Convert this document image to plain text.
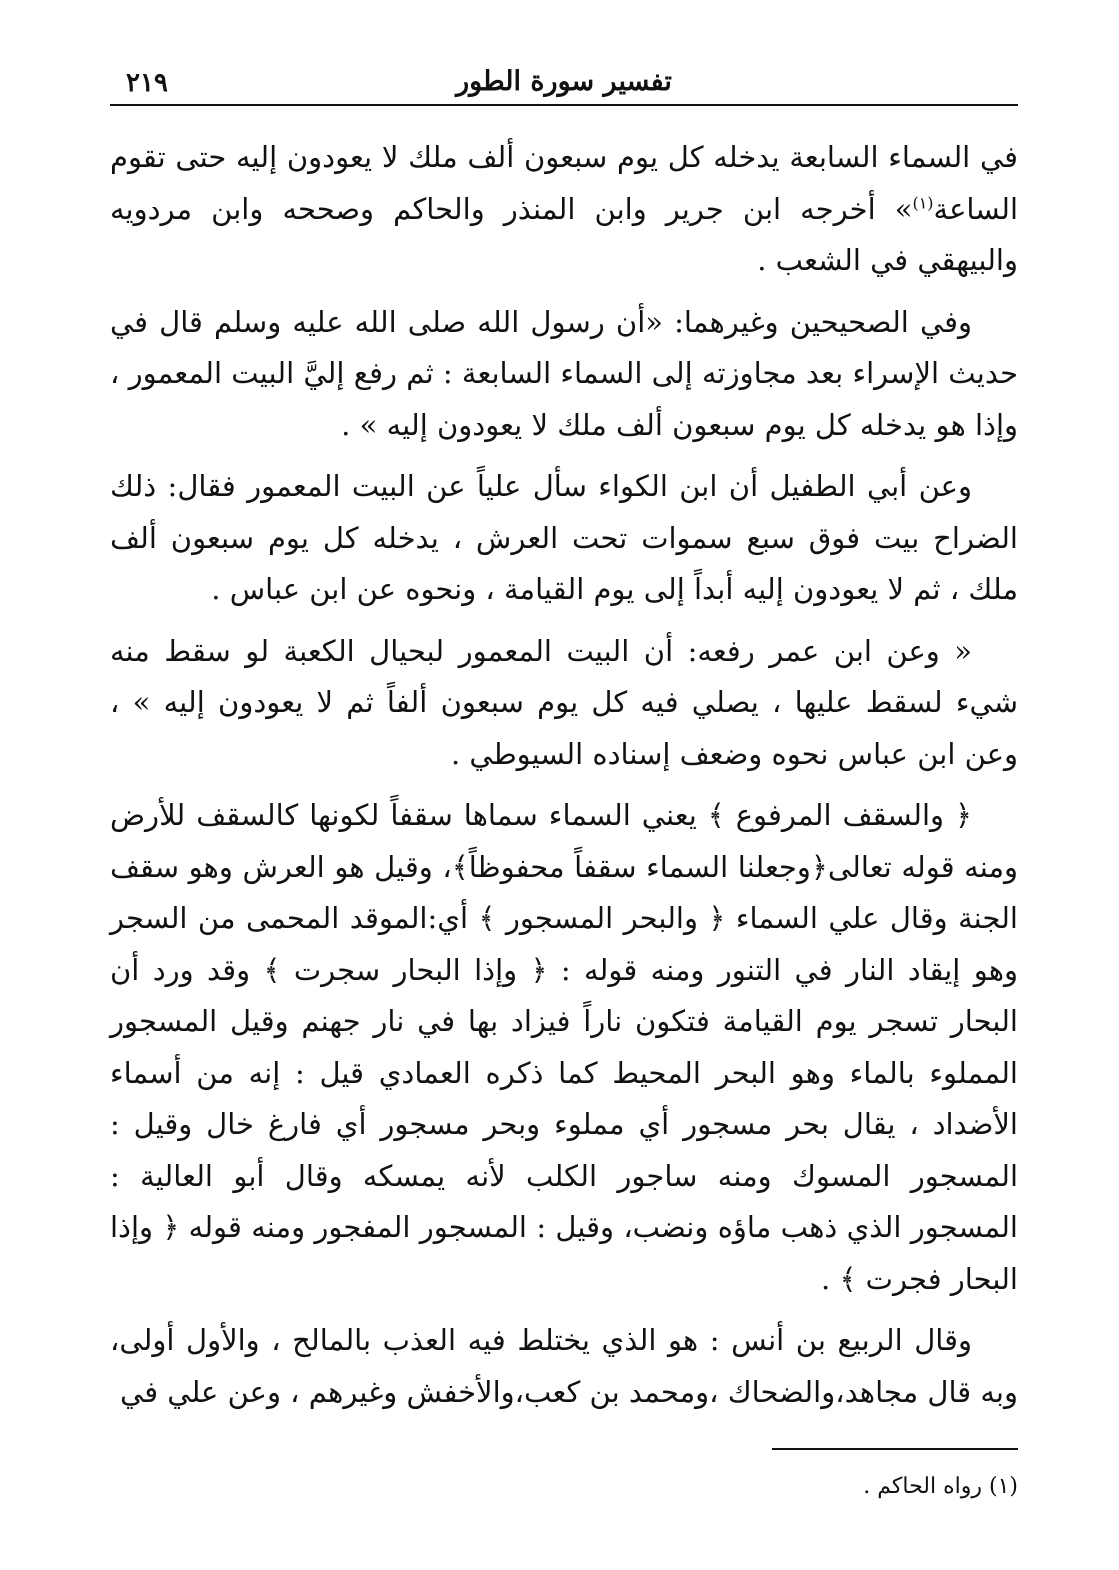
تفسير سورة الطور
٢١٩

في السماء السابعة يدخله كل يوم سبعون ألف ملك لا يعودون إليه حتى تقوم الساعة$^{(١)}$» أخرجه ابن جرير وابن المنذر والحاكم وصححه وابن مردويه والبيهقي في الشعب .

وفي الصحيحين وغيرهما: «أن رسول الله صلى الله عليه وسلم قال في حديث الإسراء بعد مجاوزته إلى السماء السابعة : ثم رفع إليَّ البيت المعمور ، وإذا هو يدخله كل يوم سبعون ألف ملك لا يعودون إليه » .

وعن أبي الطفيل أن ابن الكواء سأل علياً عن البيت المعمور فقال: ذلك الضراح بيت فوق سبع سموات تحت العرش ، يدخله كل يوم سبعون ألف ملك ، ثم لا يعودون إليه أبداً إلى يوم القيامة ، ونحوه عن ابن عباس .

« وعن ابن عمر رفعه: أن البيت المعمور لبحيال الكعبة لو سقط منه شيء لسقط عليها ، يصلي فيه كل يوم سبعون ألفاً ثم لا يعودون إليه » ، وعن ابن عباس نحوه وضعف إسناده السيوطي .

﴿ والسقف المرفوع ﴾ يعني السماء سماها سقفاً لكونها كالسقف للأرض ومنه قوله تعالى﴿وجعلنا السماء سقفاً محفوظاً﴾، وقيل هو العرش وهو سقف الجنة وقال علي السماء ﴿ والبحر المسجور ﴾ أي:الموقد المحمى من السجر وهو إيقاد النار في التنور ومنه قوله : ﴿ وإذا البحار سجرت ﴾ وقد ورد أن البحار تسجر يوم القيامة فتكون ناراً فيزاد بها في نار جهنم وقيل المسجور المملوء بالماء وهو البحر المحيط كما ذكره العمادي قيل : إنه من أسماء الأضداد ، يقال بحر مسجور أي مملوء وبحر مسجور أي فارغ خال وقيل : المسجور المسوك ومنه ساجور الكلب لأنه يمسكه وقال أبو العالية : المسجور الذي ذهب ماؤه ونضب، وقيل : المسجور المفجور ومنه قوله ﴿ وإذا البحار فجرت ﴾ .

وقال الربيع بن أنس : هو الذي يختلط فيه العذب بالمالح ، والأول أولى، وبه قال مجاهد،والضحاك ،ومحمد بن كعب،والأخفش وغيرهم ، وعن علي في

(١) رواه الحاكم .
